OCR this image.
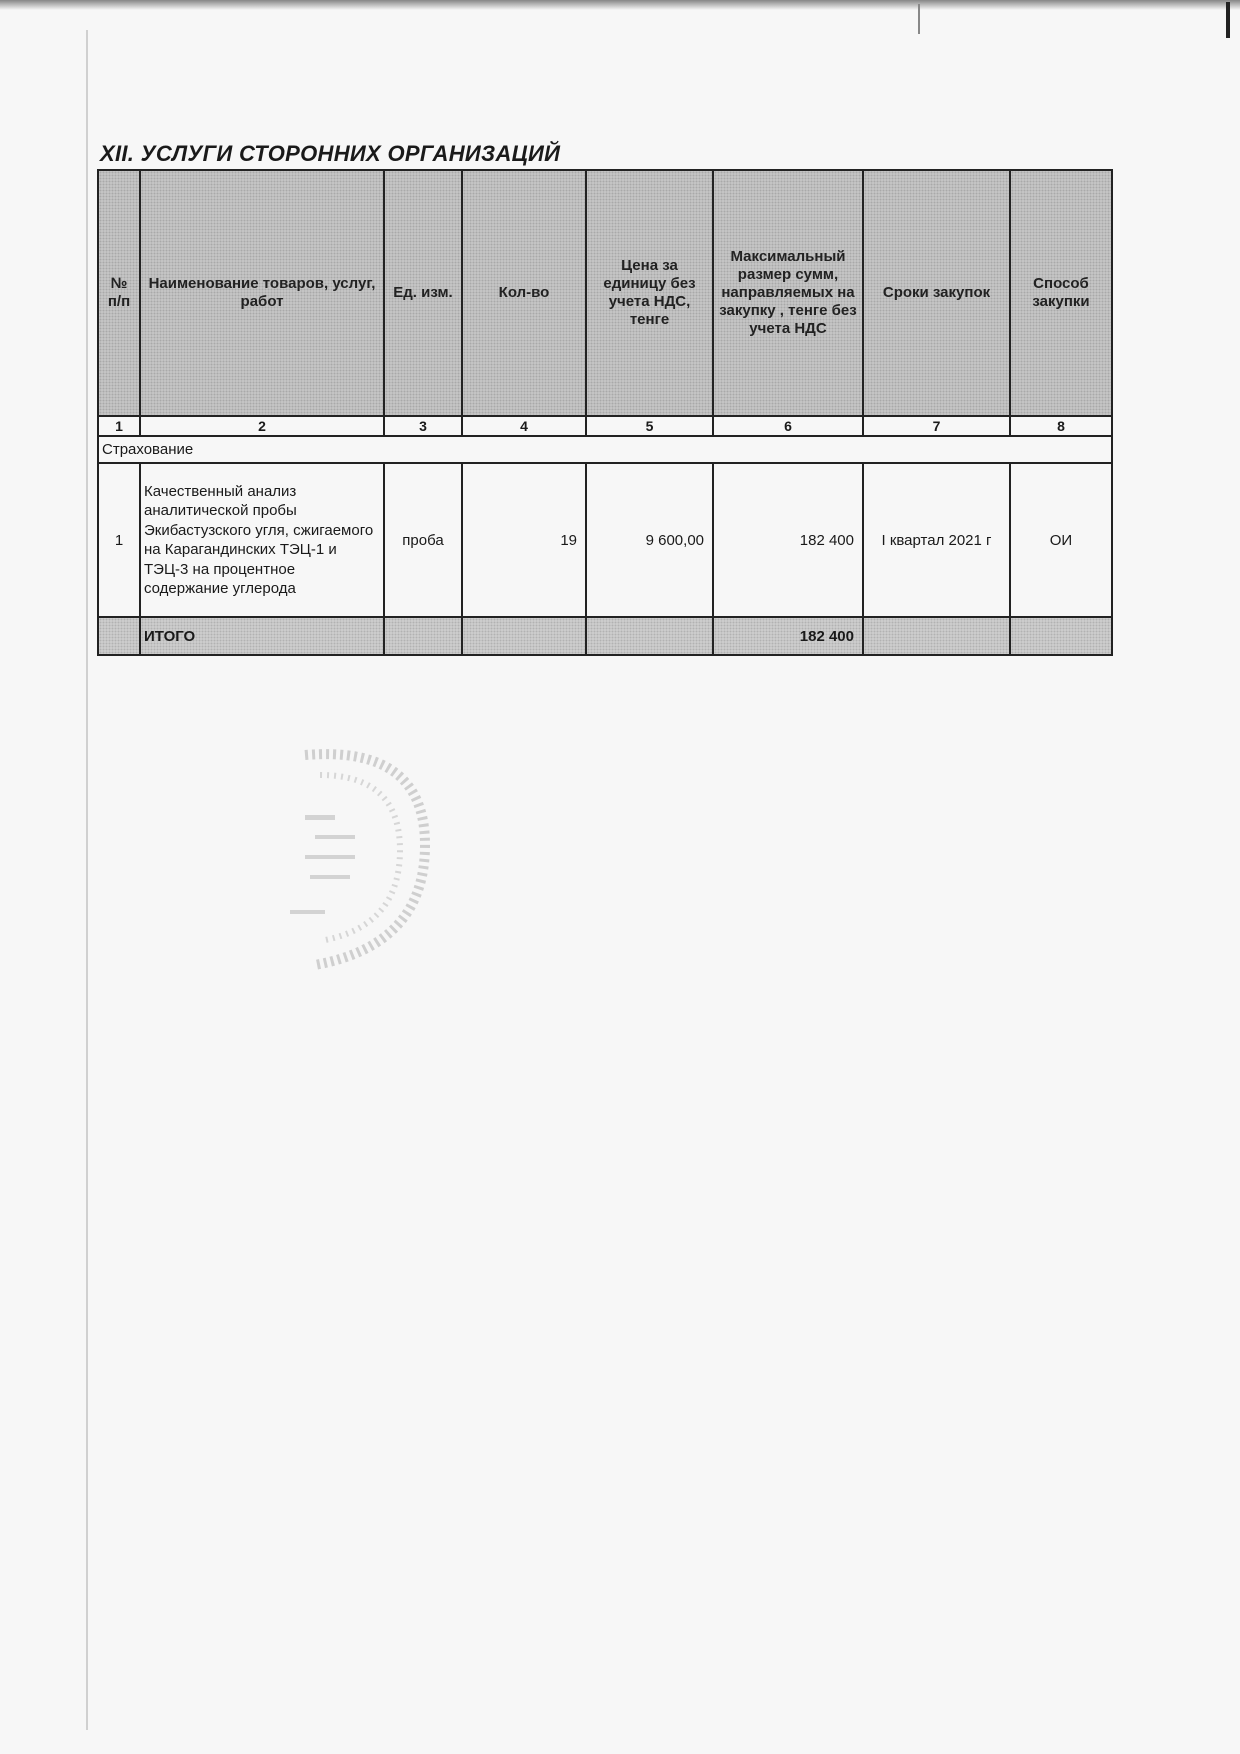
XII. УСЛУГИ СТОРОННИХ ОРГАНИЗАЦИЙ
№ п/п	Наименование товаров, услуг, работ	Ед. изм.	Кол-во	Цена за единицу без учета НДС, тенге	Максимальный размер сумм, направляемых на закупку , тенге без учета НДС	Сроки закупок	Способ закупки
1	2	3	4	5	6	7	8
Страхование							
1	Качественный анализ аналитической пробы Экибастузского угля, сжигаемого на Карагандинских ТЭЦ-1 и ТЭЦ-3 на процентное содержание углерода	проба	19	9 600,00	182 400	I квартал 2021 г	ОИ
	ИТОГО				182 400		
